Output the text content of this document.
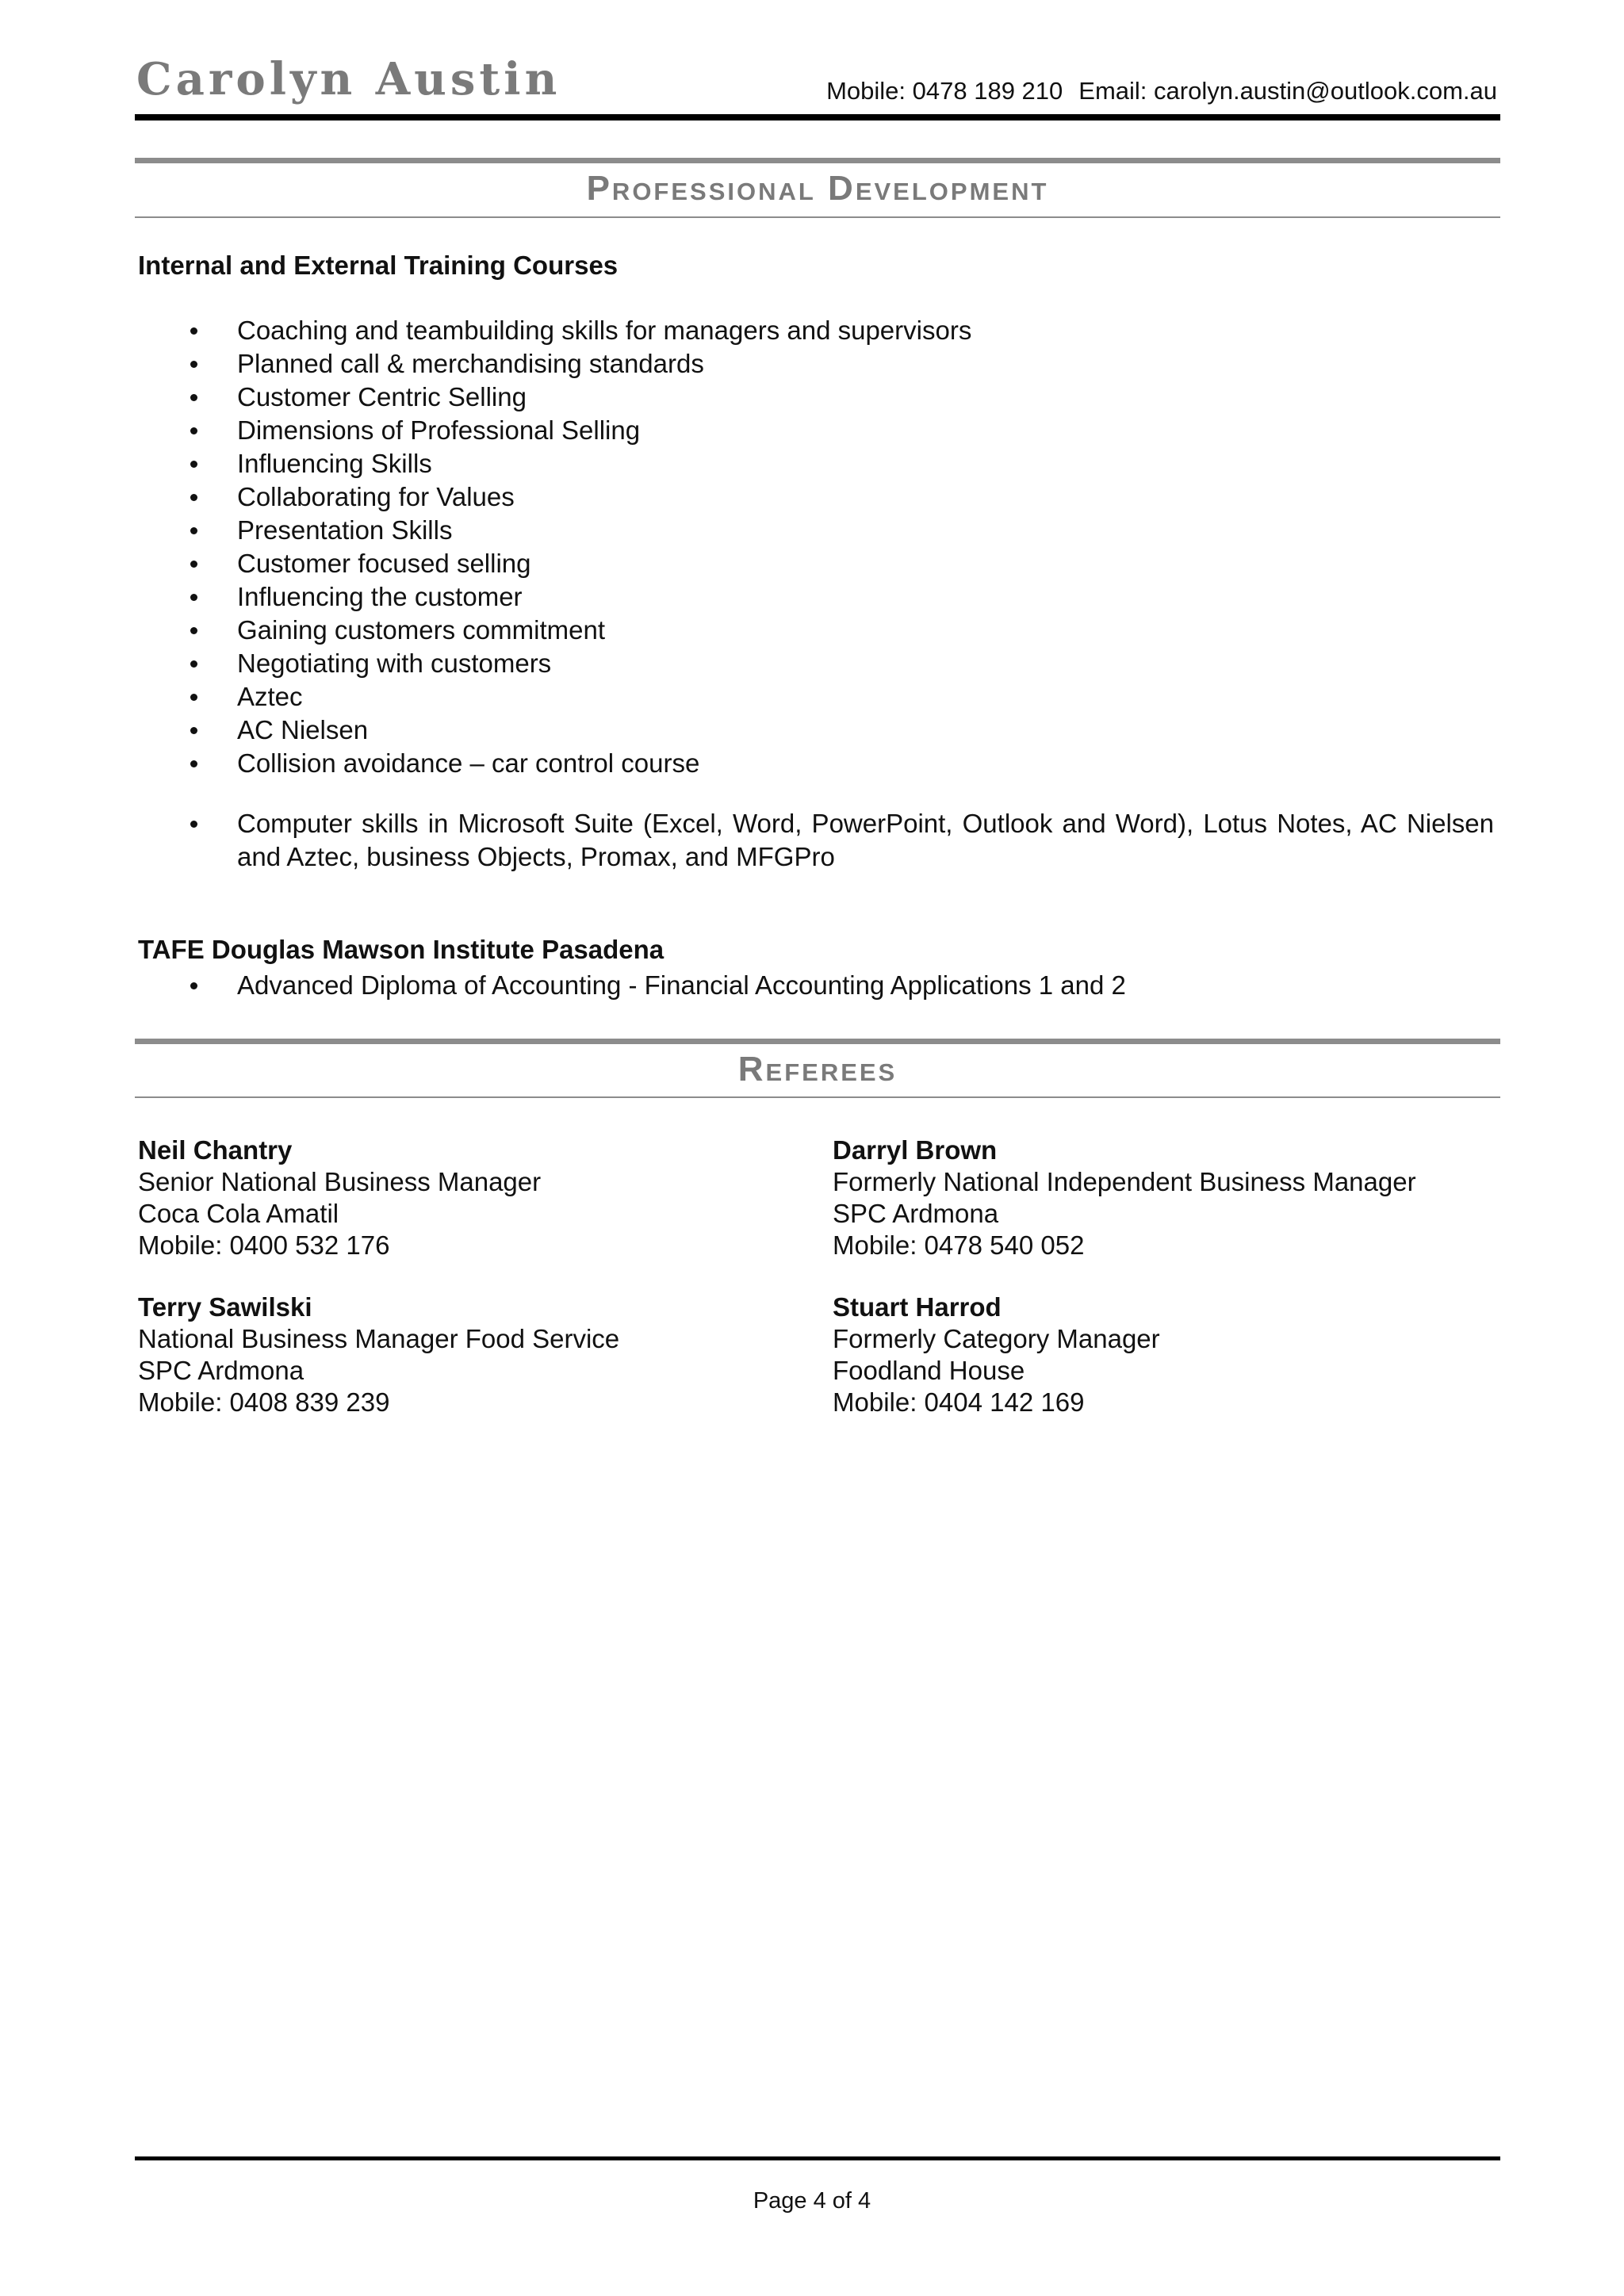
Carolyn Austin	Mobile: 0478 189 210 Email: carolyn.austin@outlook.com.au
Professional Development
Internal and External Training Courses
Coaching and teambuilding skills for managers and supervisors
Planned call & merchandising standards
Customer Centric Selling
Dimensions of Professional Selling
Influencing Skills
Collaborating for Values
Presentation Skills
Customer focused selling
Influencing the customer
Gaining customers commitment
Negotiating with customers
Aztec
AC Nielsen
Collision avoidance – car control course
Computer skills in Microsoft Suite (Excel, Word, PowerPoint, Outlook and Word), Lotus Notes, AC Nielsen and Aztec, business Objects, Promax, and MFGPro
TAFE Douglas Mawson Institute Pasadena
Advanced Diploma of Accounting - Financial Accounting Applications 1 and 2
Referees
Neil Chantry
Senior National Business Manager
Coca Cola Amatil
Mobile: 0400 532 176
Darryl Brown
Formerly National Independent Business Manager
SPC Ardmona
Mobile: 0478 540 052
Terry Sawilski
National Business Manager Food Service
SPC Ardmona
Mobile: 0408 839 239
Stuart Harrod
Formerly Category Manager
Foodland House
Mobile: 0404 142 169
Page 4 of 4
